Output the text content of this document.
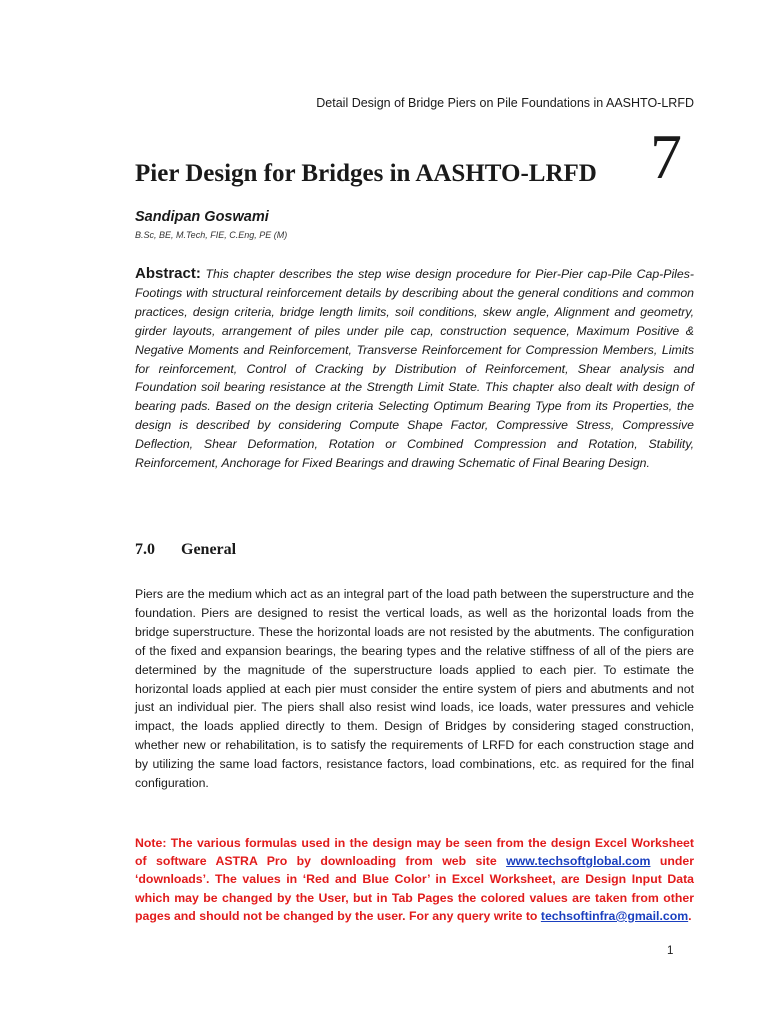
Detail Design of Bridge Piers on Pile Foundations in AASHTO-LRFD
Pier Design for Bridges in AASHTO-LRFD 7
Sandipan Goswami
B.Sc, BE, M.Tech, FIE, C.Eng, PE (M)
Abstract: This chapter describes the step wise design procedure for Pier-Pier cap-Pile Cap-Piles-Footings with structural reinforcement details by describing about the general conditions and common practices, design criteria, bridge length limits, soil conditions, skew angle, Alignment and geometry, girder layouts, arrangement of piles under pile cap, construction sequence, Maximum Positive & Negative Moments and Reinforcement, Transverse Reinforcement for Compression Members, Limits for reinforcement, Control of Cracking by Distribution of Reinforcement, Shear analysis and Foundation soil bearing resistance at the Strength Limit State. This chapter also dealt with design of bearing pads. Based on the design criteria Selecting Optimum Bearing Type from its Properties, the design is described by considering Compute Shape Factor, Compressive Stress, Compressive Deflection, Shear Deformation, Rotation or Combined Compression and Rotation, Stability, Reinforcement, Anchorage for Fixed Bearings and drawing Schematic of Final Bearing Design.
7.0 General
Piers are the medium which act as an integral part of the load path between the superstructure and the foundation. Piers are designed to resist the vertical loads, as well as the horizontal loads from the bridge superstructure. These the horizontal loads are not resisted by the abutments. The configuration of the fixed and expansion bearings, the bearing types and the relative stiffness of all of the piers are determined by the magnitude of the superstructure loads applied to each pier. To estimate the horizontal loads applied at each pier must consider the entire system of piers and abutments and not just an individual pier. The piers shall also resist wind loads, ice loads, water pressures and vehicle impact, the loads applied directly to them. Design of Bridges by considering staged construction, whether new or rehabilitation, is to satisfy the requirements of LRFD for each construction stage and by utilizing the same load factors, resistance factors, load combinations, etc. as required for the final configuration.
Note: The various formulas used in the design may be seen from the design Excel Worksheet of software ASTRA Pro by downloading from web site www.techsoftglobal.com under ‘downloads’. The values in ‘Red and Blue Color’ in Excel Worksheet, are Design Input Data which may be changed by the User, but in Tab Pages the colored values are taken from other pages and should not be changed by the user. For any query write to techsoftinfra@gmail.com.
1
